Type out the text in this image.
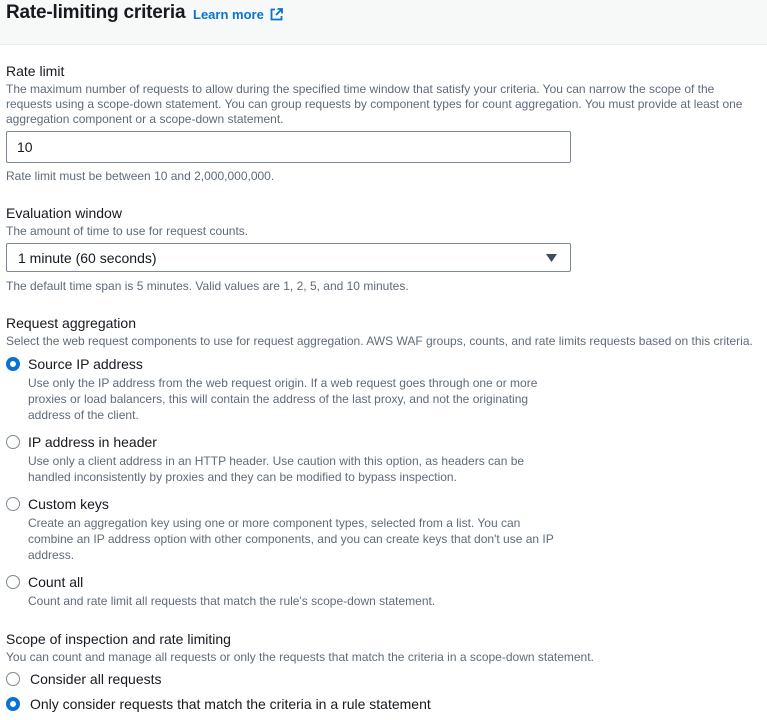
Rate-limiting criteria Learn more
Rate limit
The maximum number of requests to allow during the specified time window that satisfy your criteria. You can narrow the scope of the
requests using a scope-down statement. You can group requests by component types for count aggregation. You must provide at least one
aggregation component or a scope-down statement.
10
Rate limit must be between 10 and 2,000,000,000.
Evaluation window
The amount of time to use for request counts.
1 minute (60 seconds)
The default time span is 5 minutes. Valid values are 1, 2, 5, and 10 minutes.
Request aggregation
Select the web request components to use for request aggregation. AWS WAF groups, counts, and rate limits requests based on this criteria.
Source IP address
Use only the IP address from the web request origin. If a web request goes through one or more
proxies or load balancers, this will contain the address of the last proxy, and not the originating
address of the client.
IP address in header
Use only a client address in an HTTP header. Use caution with this option, as headers can be
handled inconsistently by proxies and they can be modified to bypass inspection.
Custom keys
Create an aggregation key using one or more component types, selected from a list. You can
combine an IP address option with other components, and you can create keys that don't use an IP
address.
Count all
Count and rate limit all requests that match the rule's scope-down statement.
Scope of inspection and rate limiting
You can count and manage all requests or only the requests that match the criteria in a scope-down statement.
Consider all requests
Only consider requests that match the criteria in a rule statement
